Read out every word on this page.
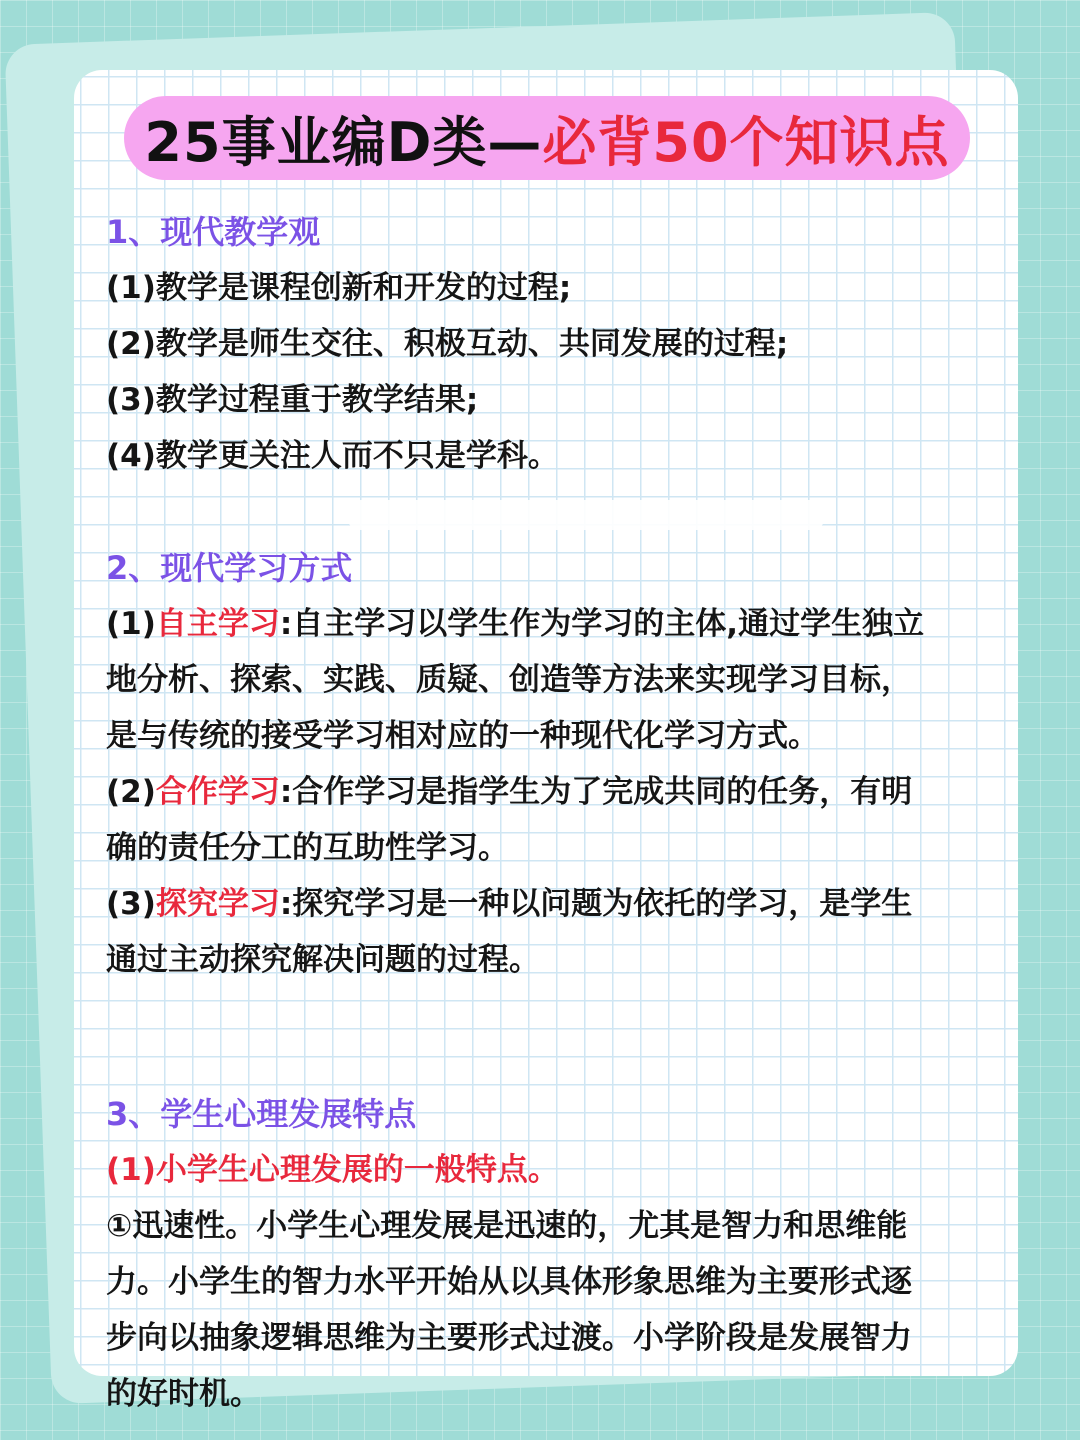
25事业编D类— 必背50个知识点
1、现代教学观
(1)教学是课程创新和开发的过程;
(2)教学是师生交往、积极互动、共同发展的过程;
(3)教学过程重于教学结果;
(4)教学更关注人而不只是学科。
2、现代学习方式
(1)自主学习:自主学习以学生作为学习的主体,通过学生独立
地分析、探索、实践、质疑、创造等方法来实现学习目标，
是与传统的接受学习相对应的一种现代化学习方式。
(2)合作学习:合作学习是指学生为了完成共同的任务，有明
确的责任分工的互助性学习。
(3)探究学习:探究学习是一种以问题为依托的学习，是学生
通过主动探究解决问题的过程。
3、学生心理发展特点
(1)小学生心理发展的一般特点。
①迅速性。小学生心理发展是迅速的，尤其是智力和思维能
力。小学生的智力水平开始从以具体形象思维为主要形式逐
步向以抽象逻辑思维为主要形式过渡。小学阶段是发展智力
的好时机。
